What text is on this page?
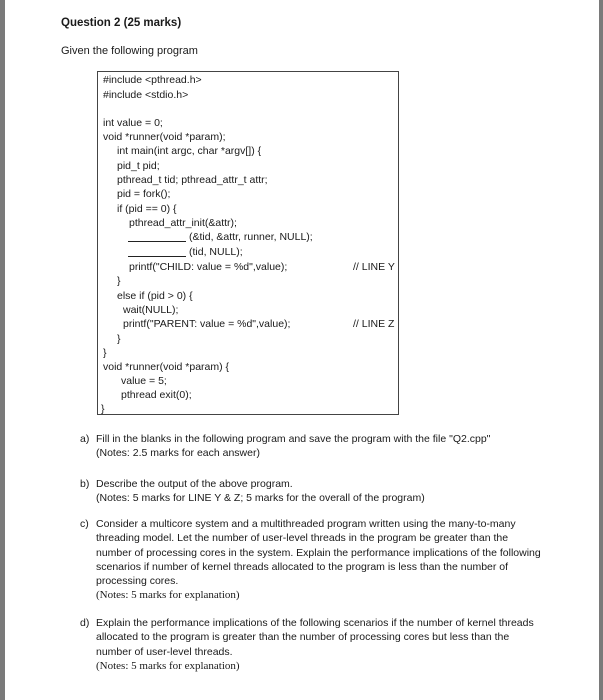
Question 2 (25 marks)
Given the following program
#include <pthread.h>
#include <stdio.h>
int value = 0;
void *runner(void *param);
int main(int argc, char *argv[]) {
pid_t pid;
pthread_t tid; pthread_attr_t attr;
pid = fork();
if (pid == 0) {
pthread_attr_init(&attr);
(&tid, &attr, runner, NULL);
(tid, NULL);
printf("CHILD: value = %d",value);	// LINE Y
}
else if (pid > 0) {
wait(NULL);
printf("PARENT: value = %d",value);	// LINE Z
}
}
void *runner(void *param) {
value = 5;
pthread exit(0);
}
a) Fill in the blanks in the following program and save the program with the file "Q2.cpp"
(Notes: 2.5 marks for each answer)
b) Describe the output of the above program.
(Notes: 5 marks for LINE Y & Z; 5 marks for the overall of the program)
c) Consider a multicore system and a multithreaded program written using the many-to-many threading model. Let the number of user-level threads in the program be greater than the number of processing cores in the system. Explain the performance implications of the following scenarios if number of kernel threads allocated to the program is less than the number of processing cores.
(Notes: 5 marks for explanation)
d) Explain the performance implications of the following scenarios if the number of kernel threads allocated to the program is greater than the number of processing cores but less than the number of user-level threads.
(Notes: 5 marks for explanation)
